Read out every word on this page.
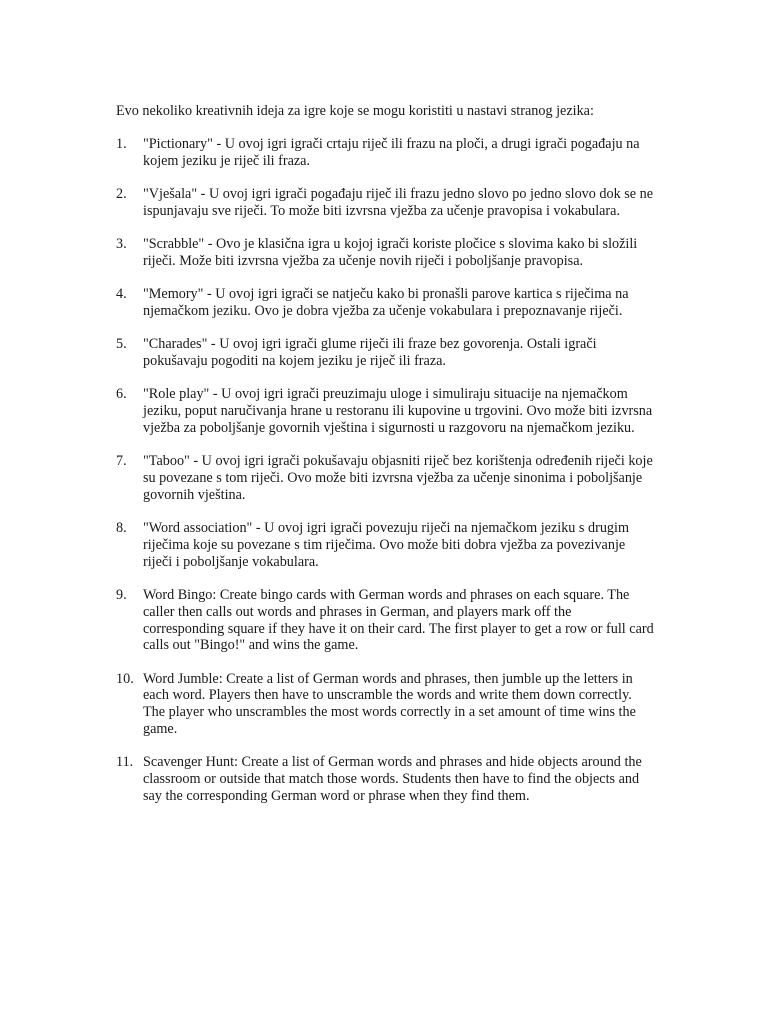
Evo nekoliko kreativnih ideja za igre koje se mogu koristiti u nastavi stranog jezika:

1. "Pictionary" - U ovoj igri igrači crtaju riječ ili frazu na ploči, a drugi igrači pogađaju na kojem jeziku je riječ ili fraza.
2. "Vješala" - U ovoj igri igrači pogađaju riječ ili frazu jedno slovo po jedno slovo dok se ne ispunjavaju sve riječi. To može biti izvrsna vježba za učenje pravopisa i vokabulara.
3. "Scrabble" - Ovo je klasična igra u kojoj igrači koriste pločice s slovima kako bi složili riječi. Može biti izvrsna vježba za učenje novih riječi i poboljšanje pravopisa.
4. "Memory" - U ovoj igri igrači se natječu kako bi pronašli parove kartica s riječima na njemačkom jeziku. Ovo je dobra vježba za učenje vokabulara i prepoznavanje riječi.
5. "Charades" - U ovoj igri igrači glume riječi ili fraze bez govorenja. Ostali igrači pokušavaju pogoditi na kojem jeziku je riječ ili fraza.
6. "Role play" - U ovoj igri igrači preuzimaju uloge i simuliraju situacije na njemačkom jeziku, poput naručivanja hrane u restoranu ili kupovine u trgovini. Ovo može biti izvrsna vježba za poboljšanje govornih vještina i sigurnosti u razgovoru na njemačkom jeziku.
7. "Taboo" - U ovoj igri igrači pokušavaju objasniti riječ bez korištenja određenih riječi koje su povezane s tom riječi. Ovo može biti izvrsna vježba za učenje sinonima i poboljšanje govornih vještina.
8. "Word association" - U ovoj igri igrači povezuju riječi na njemačkom jeziku s drugim riječima koje su povezane s tim riječima. Ovo može biti dobra vježba za povezivanje riječi i poboljšanje vokabulara.
9. Word Bingo: Create bingo cards with German words and phrases on each square. The caller then calls out words and phrases in German, and players mark off the corresponding square if they have it on their card. The first player to get a row or full card calls out "Bingo!" and wins the game.
10. Word Jumble: Create a list of German words and phrases, then jumble up the letters in each word. Players then have to unscramble the words and write them down correctly. The player who unscrambles the most words correctly in a set amount of time wins the game.
11. Scavenger Hunt: Create a list of German words and phrases and hide objects around the classroom or outside that match those words. Students then have to find the objects and say the corresponding German word or phrase when they find them.
